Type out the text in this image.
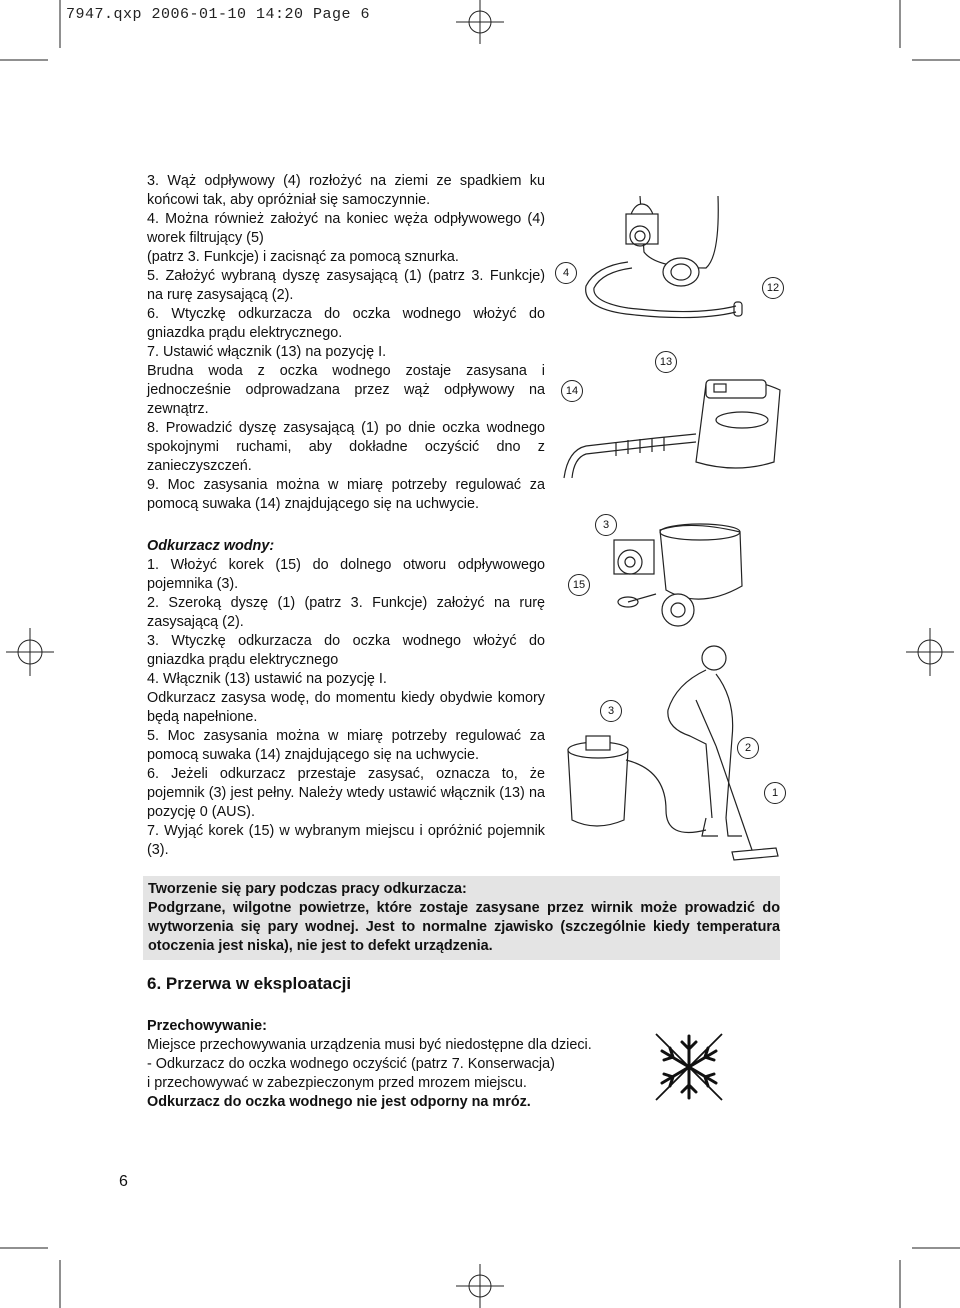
7947.qxp 2006-01-10 14:20 Page 6

3. Wąż odpływowy (4) rozłożyć na ziemi ze spadkiem ku końcowi tak, aby opróżniał się samoczynnie.

4. Można również założyć na koniec węża odpływowego (4) worek filtrujący (5)

(patrz 3. Funkcje) i zacisnąć za pomocą sznurka.

5. Założyć wybraną dyszę zasysającą (1) (patrz 3. Funkcje) na rurę zasysającą (2).

6. Wtyczkę odkurzacza do oczka wodnego włożyć do gniazdka prądu elektrycznego.

7. Ustawić włącznik (13) na pozycję I.

Brudna woda z oczka wodnego zostaje zasysana i jednocześnie odprowadzana przez wąż odpływowy na zewnątrz.

8. Prowadzić dyszę zasysającą (1) po dnie oczka wodnego spokojnymi ruchami, aby dokładne oczyścić dno z zanieczyszczeń.

9. Moc zasysania można w miarę potrzeby regulować za pomocą suwaka (14) znajdującego się na uchwycie.

Odkurzacz wodny:

1. Włożyć korek (15) do dolnego otworu odpływowego pojemnika (3).

2. Szeroką dyszę (1) (patrz 3. Funkcje) założyć na rurę zasysającą (2).

3. Wtyczkę odkurzacza do oczka wodnego włożyć do gniazdka prądu elektrycznego

4. Włącznik (13) ustawić na pozycję I.

Odkurzacz zasysa wodę, do momentu kiedy obydwie komory będą napełnione.

5. Moc zasysania można w miarę potrzeby regulować za pomocą suwaka (14) znajdującego się na uchwycie.

6. Jeżeli odkurzacz przestaje zasysać, oznacza to, że pojemnik (3) jest pełny. Należy wtedy ustawić włącznik (13) na pozycję 0 (AUS).

7. Wyjąć korek (15) w wybranym miejscu i opróżnić pojemnik (3).

4
12
13
14
3
15
3
2
1

Tworzenie się pary podczas pracy odkurzacza:

Podgrzane, wilgotne powietrze, które zostaje zasysane przez wirnik może prowadzić do wytworzenia się pary wodnej. Jest to normalne zjawisko (szczególnie kiedy temperatura otoczenia jest niska), nie jest to defekt urządzenia.

6. Przerwa w eksploatacji

Przechowywanie:

Miejsce przechowywania urządzenia musi być niedostępne dla dzieci.

- Odkurzacz do oczka wodnego oczyścić (patrz 7. Konserwacja)

i przechowywać w zabezpieczonym przed mrozem miejscu.

Odkurzacz do oczka wodnego nie jest odporny na mróz.

6
